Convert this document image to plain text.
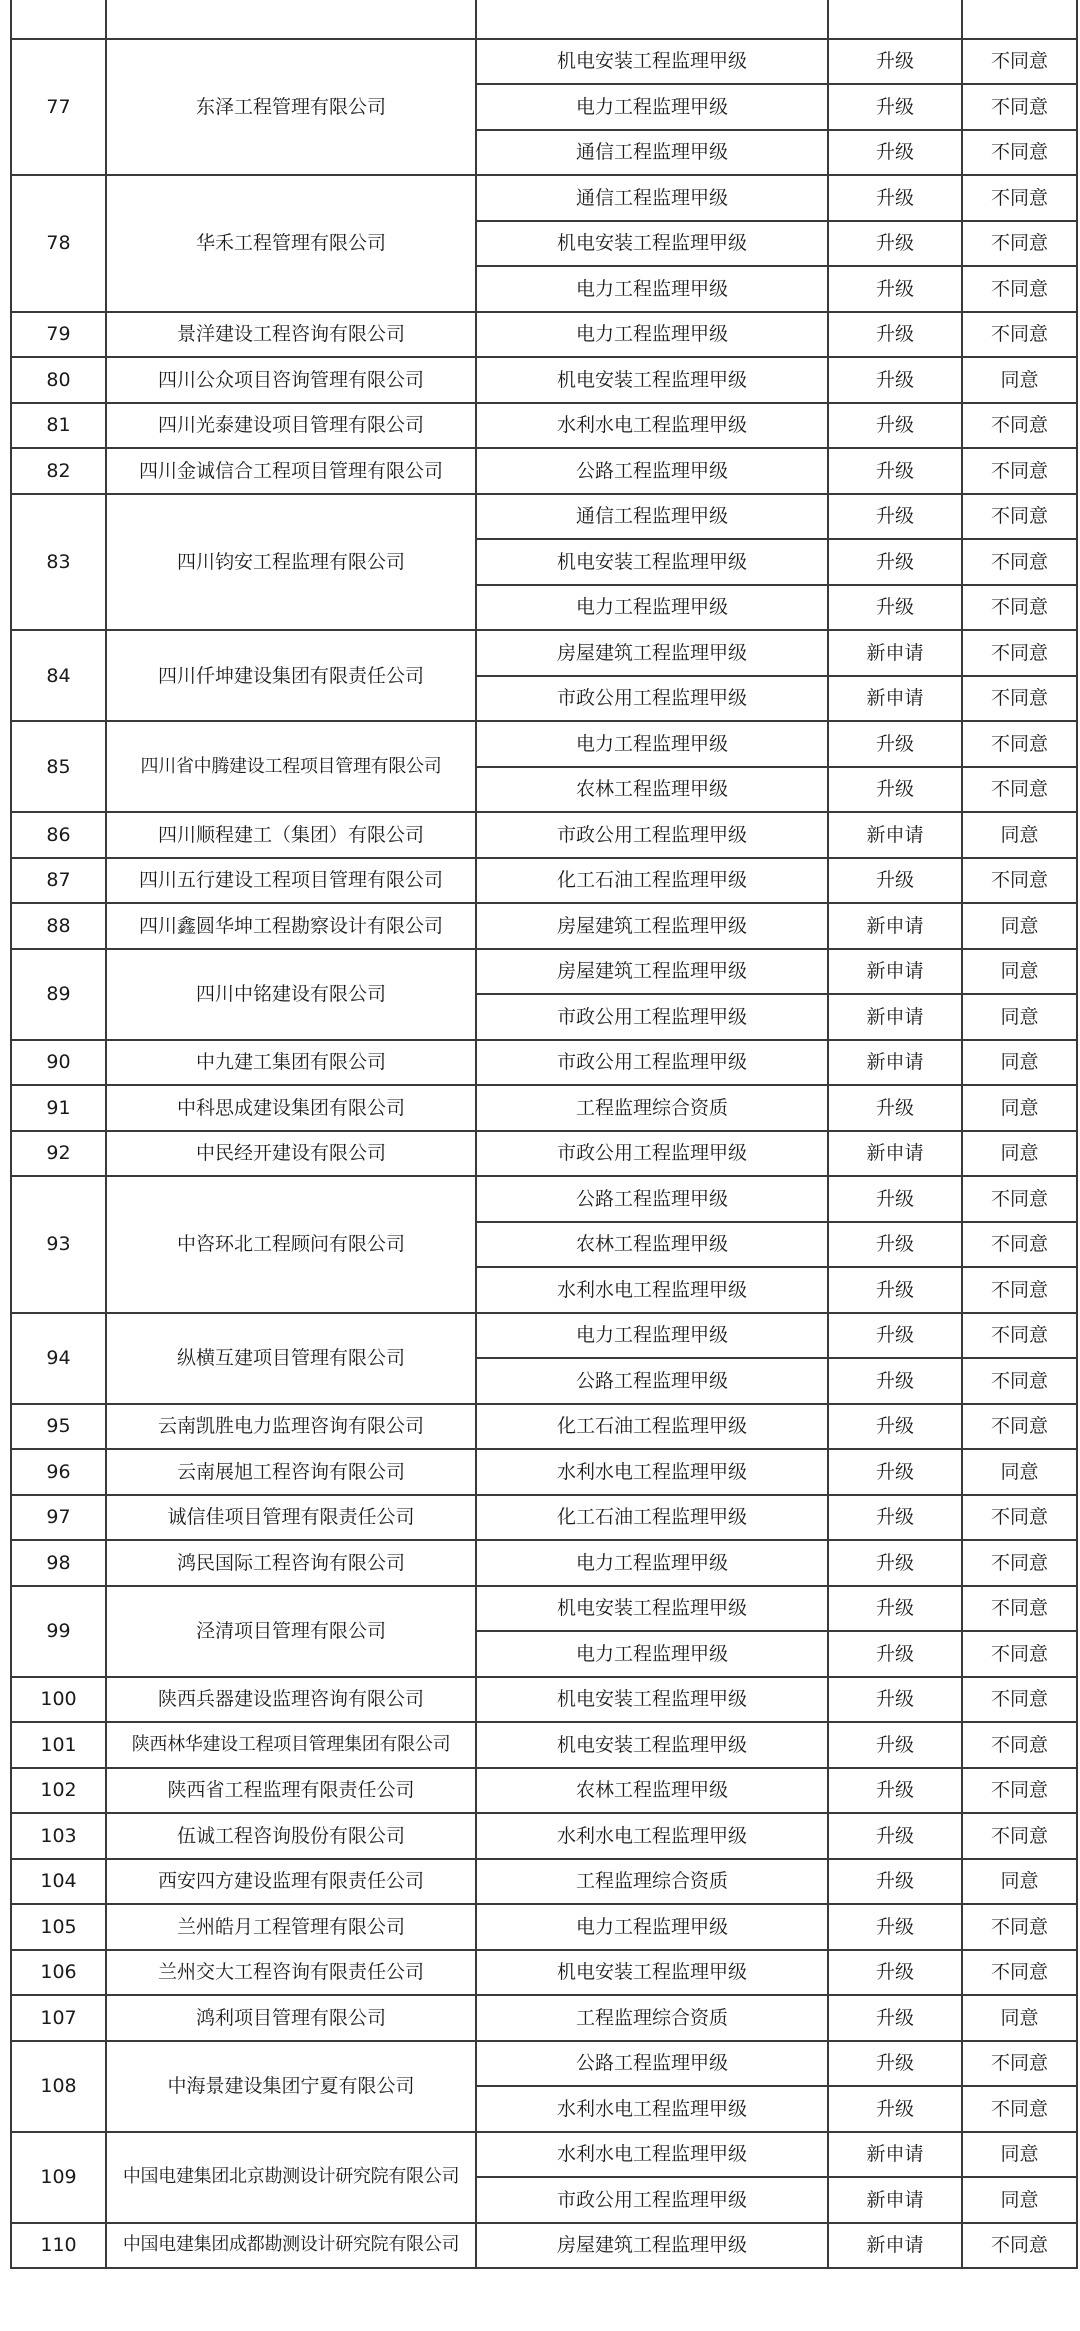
77	东泽工程管理有限公司	机电安装工程监理甲级	升级	不同意
		电力工程监理甲级	升级	不同意
		通信工程监理甲级	升级	不同意
78	华禾工程管理有限公司	通信工程监理甲级	升级	不同意
		机电安装工程监理甲级	升级	不同意
		电力工程监理甲级	升级	不同意
79	景洋建设工程咨询有限公司	电力工程监理甲级	升级	不同意
80	四川公众项目咨询管理有限公司	机电安装工程监理甲级	升级	同意
81	四川光泰建设项目管理有限公司	水利水电工程监理甲级	升级	不同意
82	四川金诚信合工程项目管理有限公司	公路工程监理甲级	升级	不同意
83	四川钧安工程监理有限公司	通信工程监理甲级	升级	不同意
		机电安装工程监理甲级	升级	不同意
		电力工程监理甲级	升级	不同意
84	四川仟坤建设集团有限责任公司	房屋建筑工程监理甲级	新申请	不同意
		市政公用工程监理甲级	新申请	不同意
85	四川省中腾建设工程项目管理有限公司	电力工程监理甲级	升级	不同意
		农林工程监理甲级	升级	不同意
86	四川顺程建工（集团）有限公司	市政公用工程监理甲级	新申请	同意
87	四川五行建设工程项目管理有限公司	化工石油工程监理甲级	升级	不同意
88	四川鑫圆华坤工程勘察设计有限公司	房屋建筑工程监理甲级	新申请	同意
89	四川中铭建设有限公司	房屋建筑工程监理甲级	新申请	同意
		市政公用工程监理甲级	新申请	同意
90	中九建工集团有限公司	市政公用工程监理甲级	新申请	同意
91	中科思成建设集团有限公司	工程监理综合资质	升级	同意
92	中民经开建设有限公司	市政公用工程监理甲级	新申请	同意
93	中咨环北工程顾问有限公司	公路工程监理甲级	升级	不同意
		农林工程监理甲级	升级	不同意
		水利水电工程监理甲级	升级	不同意
94	纵横互建项目管理有限公司	电力工程监理甲级	升级	不同意
		公路工程监理甲级	升级	不同意
95	云南凯胜电力监理咨询有限公司	化工石油工程监理甲级	升级	不同意
96	云南展旭工程咨询有限公司	水利水电工程监理甲级	升级	同意
97	诚信佳项目管理有限责任公司	化工石油工程监理甲级	升级	不同意
98	鸿民国际工程咨询有限公司	电力工程监理甲级	升级	不同意
99	泾清项目管理有限公司	机电安装工程监理甲级	升级	不同意
		电力工程监理甲级	升级	不同意
100	陕西兵器建设监理咨询有限公司	机电安装工程监理甲级	升级	不同意
101	陕西林华建设工程项目管理集团有限公司	机电安装工程监理甲级	升级	不同意
102	陕西省工程监理有限责任公司	农林工程监理甲级	升级	不同意
103	伍诚工程咨询股份有限公司	水利水电工程监理甲级	升级	不同意
104	西安四方建设监理有限责任公司	工程监理综合资质	升级	同意
105	兰州皓月工程管理有限公司	电力工程监理甲级	升级	不同意
106	兰州交大工程咨询有限责任公司	机电安装工程监理甲级	升级	不同意
107	鸿利项目管理有限公司	工程监理综合资质	升级	同意
108	中海景建设集团宁夏有限公司	公路工程监理甲级	升级	不同意
		水利水电工程监理甲级	升级	不同意
109	中国电建集团北京勘测设计研究院有限公司	水利水电工程监理甲级	新申请	同意
		市政公用工程监理甲级	新申请	同意
110	中国电建集团成都勘测设计研究院有限公司	房屋建筑工程监理甲级	新申请	不同意
